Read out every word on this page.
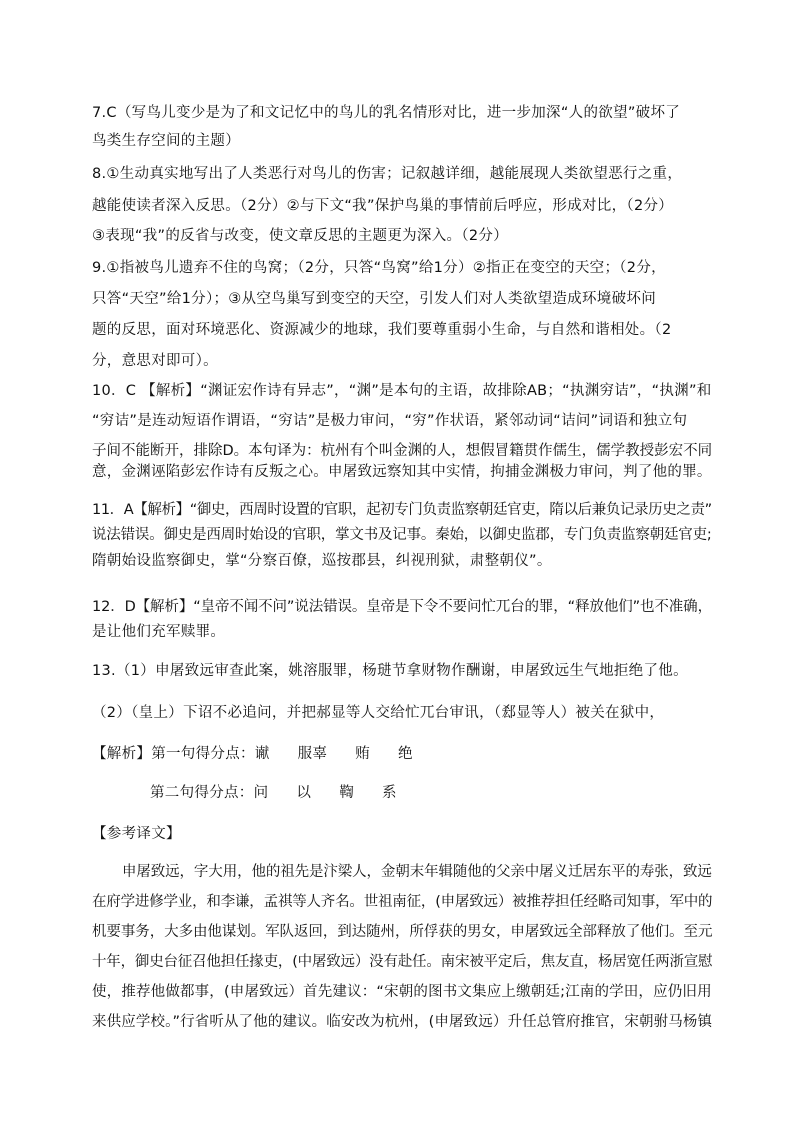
7.C（写鸟儿变少是为了和文记忆中的鸟儿的乳名情形对比，进一步加深“人的欲望”破坏了
鸟类生存空间的主题）
8.①生动真实地写出了人类恶行对鸟儿的伤害；记叙越详细，越能展现人类欲望恶行之重，
越能使读者深入反思。（2分）②与下文“我”保护鸟巢的事情前后呼应，形成对比，（2分）
③表现“我”的反省与改变，使文章反思的主题更为深入。（2分）
9.①指被鸟儿遗弃不住的鸟窝；（2分，只答“鸟窝”给1分）②指正在变空的天空；（2分，
只答“天空”给1分）；③从空鸟巢写到变空的天空，引发人们对人类欲望造成环境破坏问
题的反思，面对环境恶化、资源减少的地球，我们要尊重弱小生命，与自然和谐相处。（2
分，意思对即可）。
10．C 【解析】“渊证宏作诗有异志”，“渊”是本句的主语，故排除AB；“执渊穷诘”，“执渊”和
“穷诘”是连动短语作谓语，“穷诘”是极力审问，“穷”作状语，紧邻动词“诘问”词语和独立句
子间不能断开，排除D。本句译为：杭州有个叫金渊的人，想假冒籍贯作儒生，儒学教授彭宏不同
意，金渊诬陷彭宏作诗有反叛之心。申屠致远察知其中实情，拘捕金渊极力审问，判了他的罪。
11．A【解析】“御史，西周时设置的官职，起初专门负责监察朝廷官吏，隋以后兼负记录历史之责”
说法错误。御史是西周时始设的官职，掌文书及记事。秦始，以御史监郡，专门负责监察朝廷官吏;
隋朝始设监察御史，掌“分察百僚，巡按郡县，纠视刑狱，肃整朝仪”。
12．D【解析】“皇帝不闻不问”说法错误。皇帝是下令不要问忙兀台的罪，“释放他们”也不准确，
是让他们充军赎罪。
13.（1）申屠致远审查此案，姚溶服罪，杨琎节拿财物作酬谢，申屠致远生气地拒绝了他。
（2）（皇上）下诏不必追问，并把郝显等人交给忙兀台审讯，（郄显等人）被关在狱中，
【解析】第一句得分点：谳 服辜 贿 绝
第二句得分点：问 以 鞫 系
【参考译文】
申屠致远，字大用，他的祖先是汴梁人，金朝末年辑随他的父亲中屠义迁居东平的寿张，致远
在府学进修学业，和李谦，孟祺等人齐名。世祖南征，(申屠致远）被推荐担任经略司知事，军中的
机要事务，大多由他谋划。军队返回，到达随州，所俘获的男女，申屠致远全部释放了他们。至元
十年，御史台征召他担任掾吏，(中屠致远）没有赴任。南宋被平定后，焦友直，杨居宽任两浙宣慰
使，推荐他做都事，(申屠致远）首先建议：“宋朝的图书文集应上缴朝廷;江南的学田，应仍旧用
来供应学校。”行省听从了他的建议。临安改为杭州，(申屠致远）升任总管府推官，宋朝驸马杨镇
